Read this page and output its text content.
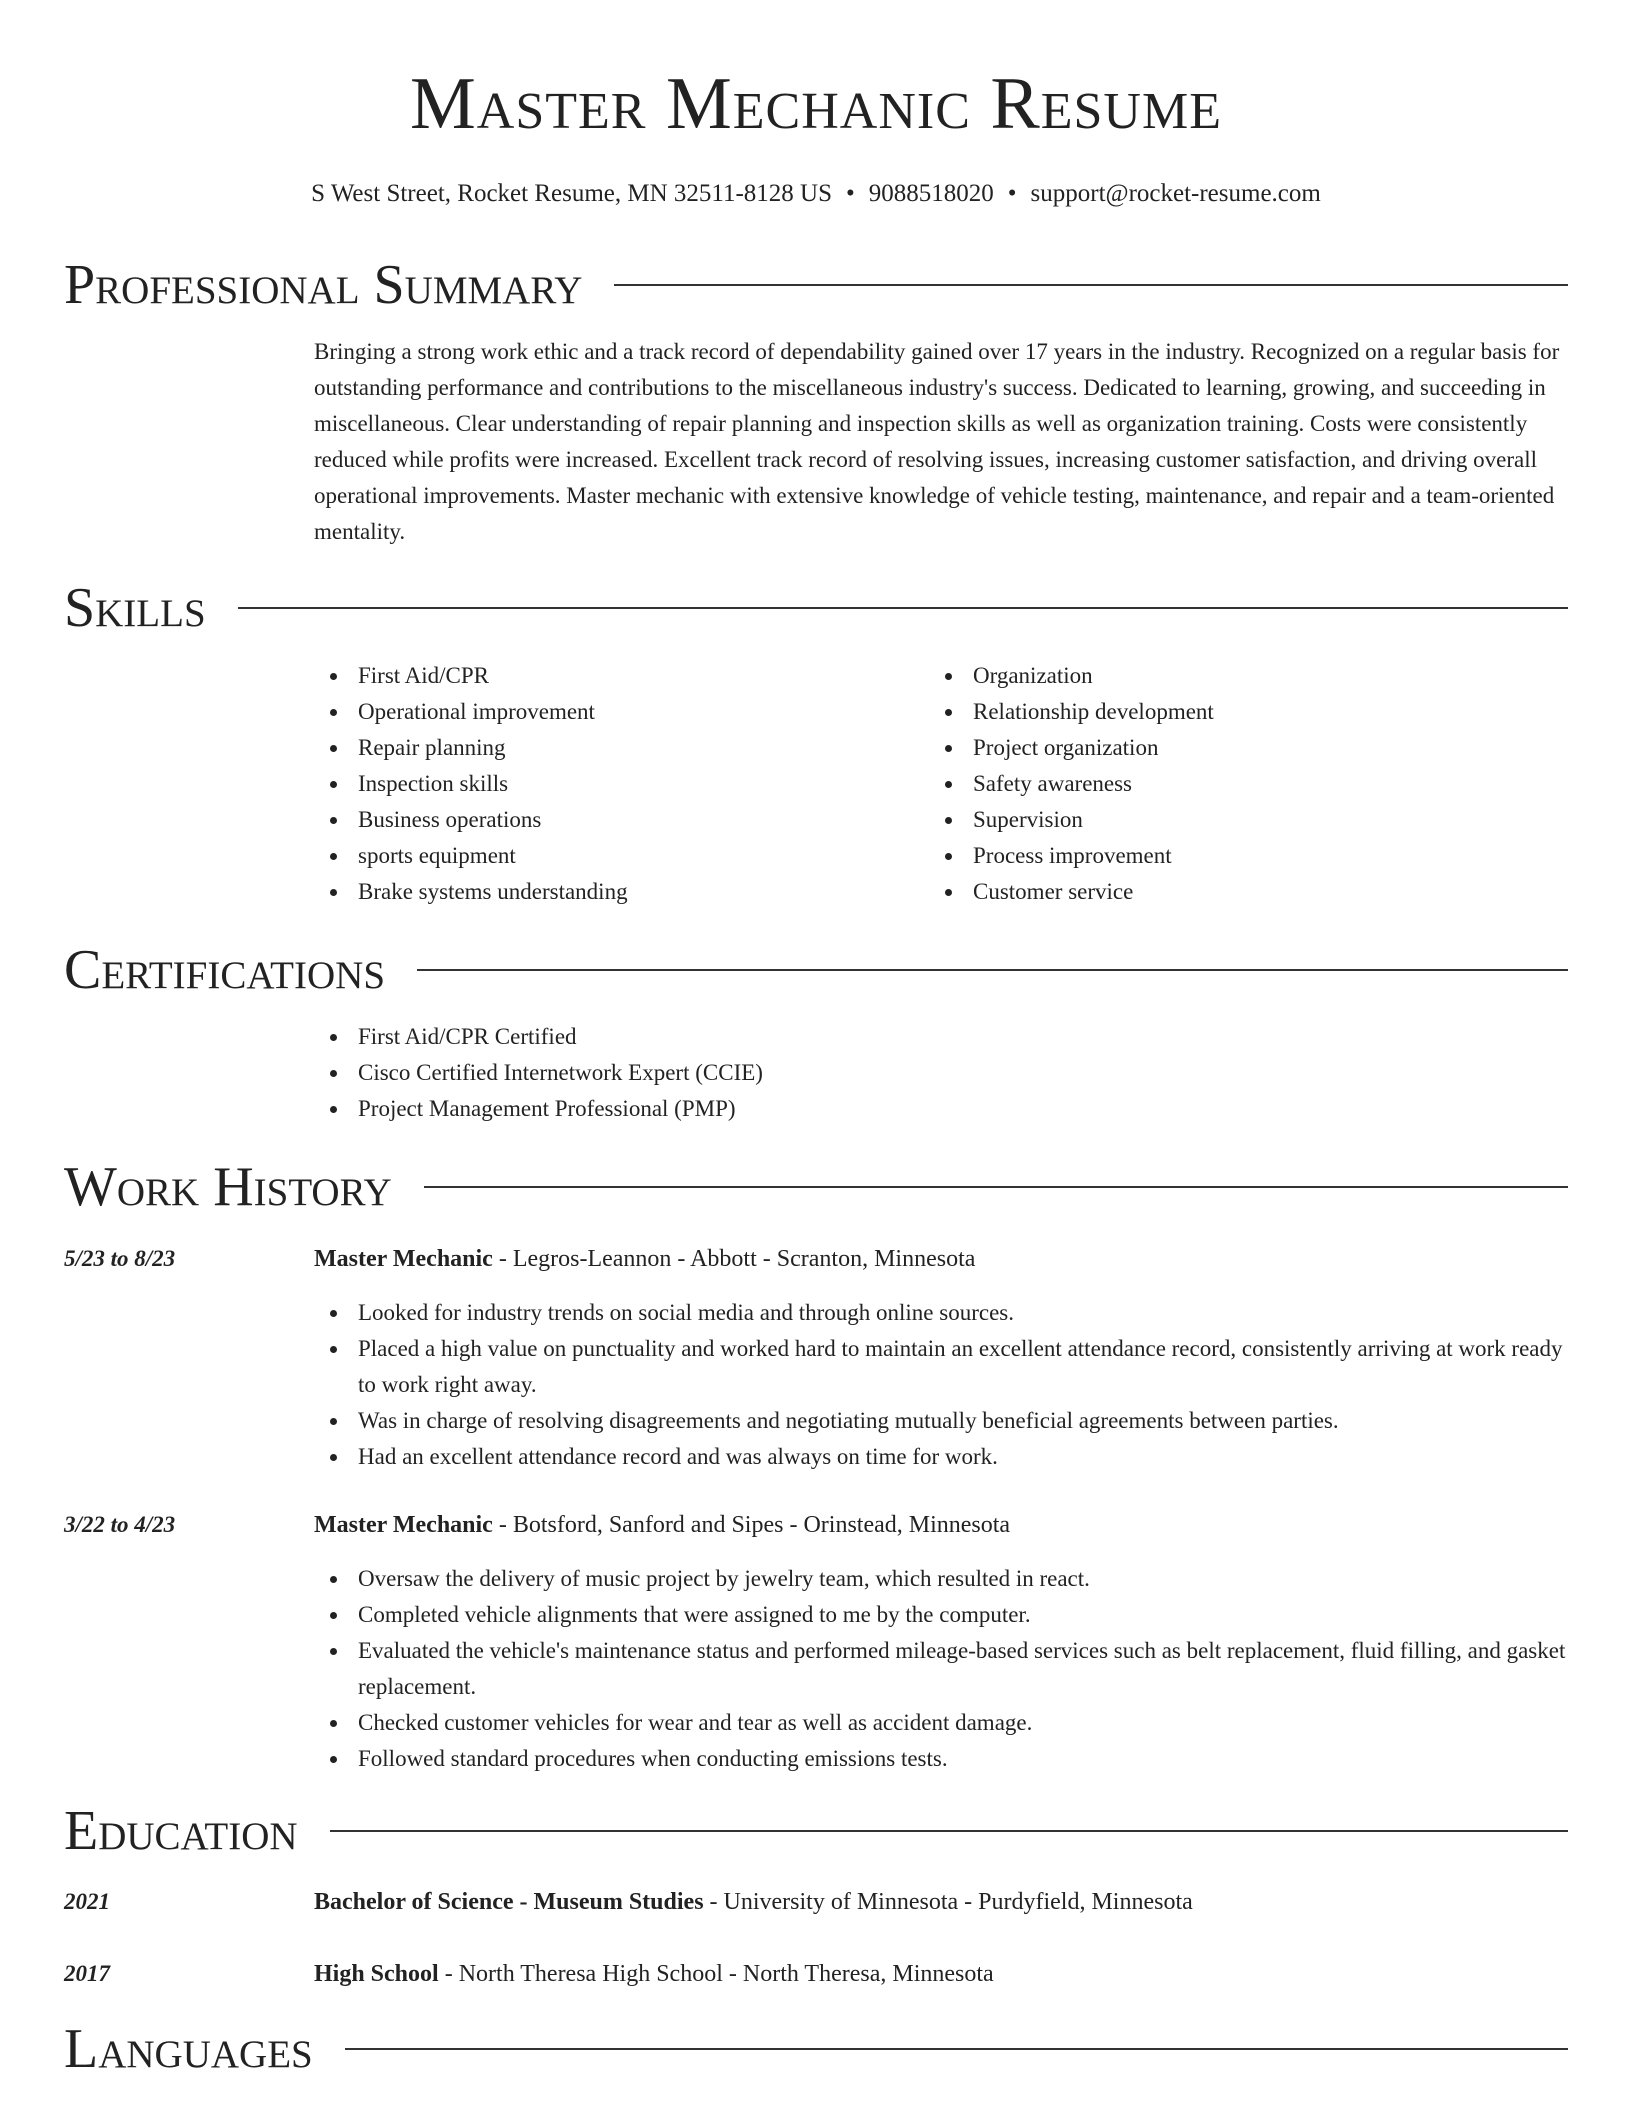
Master Mechanic Resume
S West Street, Rocket Resume, MN 32511-8128 US • 9088518020 • support@rocket-resume.com
Professional Summary

Bringing a strong work ethic and a track record of dependability gained over 17 years in the industry. Recognized on a regular basis for outstanding performance and contributions to the miscellaneous industry's success. Dedicated to learning, growing, and succeeding in miscellaneous. Clear understanding of repair planning and inspection skills as well as organization training. Costs were consistently reduced while profits were increased. Excellent track record of resolving issues, increasing customer satisfaction, and driving overall operational improvements. Master mechanic with extensive knowledge of vehicle testing, maintenance, and repair and a team-oriented mentality.

Skills
First Aid/CPR
Operational improvement
Repair planning
Inspection skills
Business operations
sports equipment
Brake systems understanding
Organization
Relationship development
Project organization
Safety awareness
Supervision
Process improvement
Customer service
Certifications
First Aid/CPR Certified
Cisco Certified Internetwork Expert (CCIE)
Project Management Professional (PMP)
Work History
5/23 to 8/23	Master Mechanic - Legros-Leannon - Abbott - Scranton, Minnesota
Looked for industry trends on social media and through online sources.
Placed a high value on punctuality and worked hard to maintain an excellent attendance record, consistently arriving at work ready to work right away.
Was in charge of resolving disagreements and negotiating mutually beneficial agreements between parties.
Had an excellent attendance record and was always on time for work.
3/22 to 4/23	Master Mechanic - Botsford, Sanford and Sipes - Orinstead, Minnesota
Oversaw the delivery of music project by jewelry team, which resulted in react.
Completed vehicle alignments that were assigned to me by the computer.
Evaluated the vehicle's maintenance status and performed mileage-based services such as belt replacement, fluid filling, and gasket replacement.
Checked customer vehicles for wear and tear as well as accident damage.
Followed standard procedures when conducting emissions tests.
Education
2021	Bachelor of Science - Museum Studies - University of Minnesota - Purdyfield, Minnesota
2017	High School - North Theresa High School - North Theresa, Minnesota
Languages
